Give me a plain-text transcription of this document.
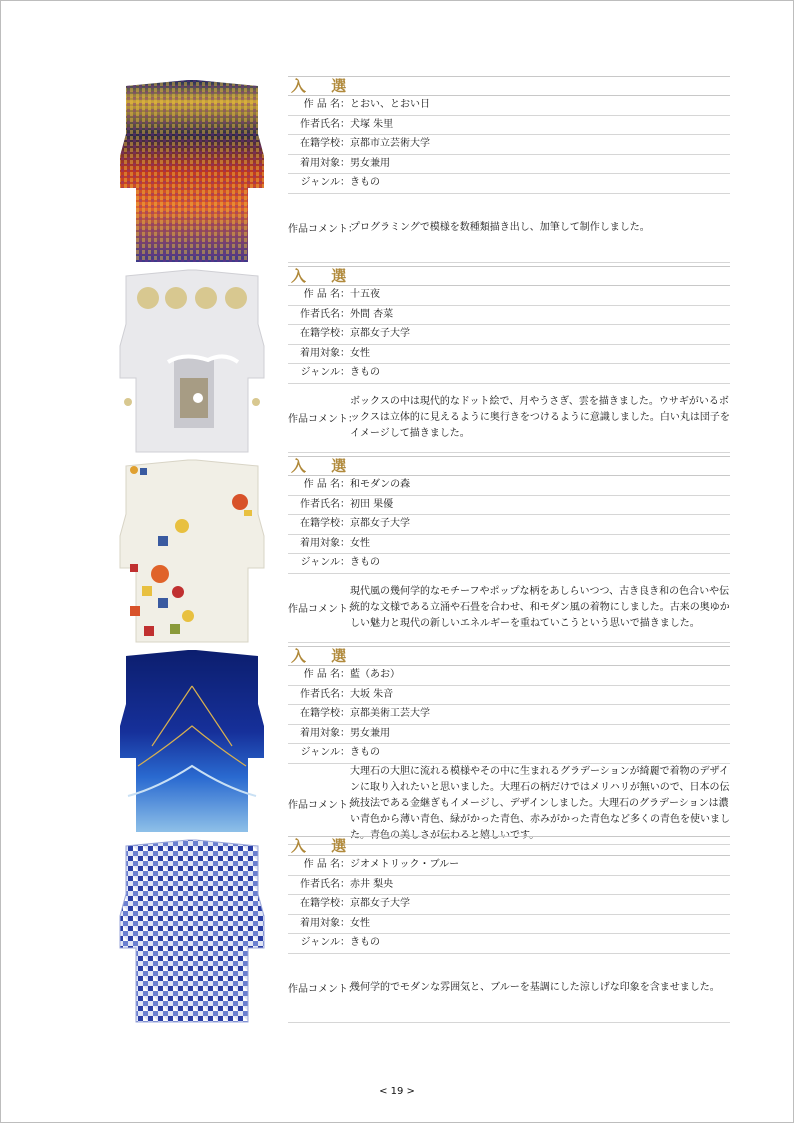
入 選
作 品 名： とおい、とおい日
作者氏名： 犬塚 朱里
在籍学校： 京都市立芸術大学
着用対象： 男女兼用
ジャンル： きもの
作品コメント：
プログラミングで模様を数種類描き出し、加筆して制作しました。
入 選
作 品 名： 十五夜
作者氏名： 外間 杏菜
在籍学校： 京都女子大学
着用対象： 女性
ジャンル： きもの
作品コメント：
ボックスの中は現代的なドット絵で、月やうさぎ、雲を描きました。ウサギがいるボックスは立体的に見えるように奥行きをつけるように意識しました。白い丸は団子をイメージして描きました。
入 選
作 品 名： 和モダンの森
作者氏名： 初田 果優
在籍学校： 京都女子大学
着用対象： 女性
ジャンル： きもの
作品コメント：
現代風の幾何学的なモチーフやポップな柄をあしらいつつ、古き良き和の色合いや伝統的な文様である立涌や石畳を合わせ、和モダン風の着物にしました。古来の奥ゆかしい魅力と現代の新しいエネルギーを重ねていこうという思いで描きました。
入 選
作 品 名： 藍（あお）
作者氏名： 大坂 朱音
在籍学校： 京都美術工芸大学
着用対象： 男女兼用
ジャンル： きもの
作品コメント：
大理石の大胆に流れる模様やその中に生まれるグラデーションが綺麗で着物のデザインに取り入れたいと思いました。大理石の柄だけではメリハリが無いので、日本の伝統技法である金継ぎもイメージし、デザインしました。大理石のグラデーションは濃い青色から薄い青色、緑がかった青色、赤みがかった青色など多くの青色を使いました。青色の美しさが伝わると嬉しいです。
入 選
作 品 名： ジオメトリック・ブルー
作者氏名： 赤井 梨央
在籍学校： 京都女子大学
着用対象： 女性
ジャンル： きもの
作品コメント：
幾何学的でモダンな雰囲気と、ブルーを基調にした涼しげな印象を含ませました。
< 19 >
